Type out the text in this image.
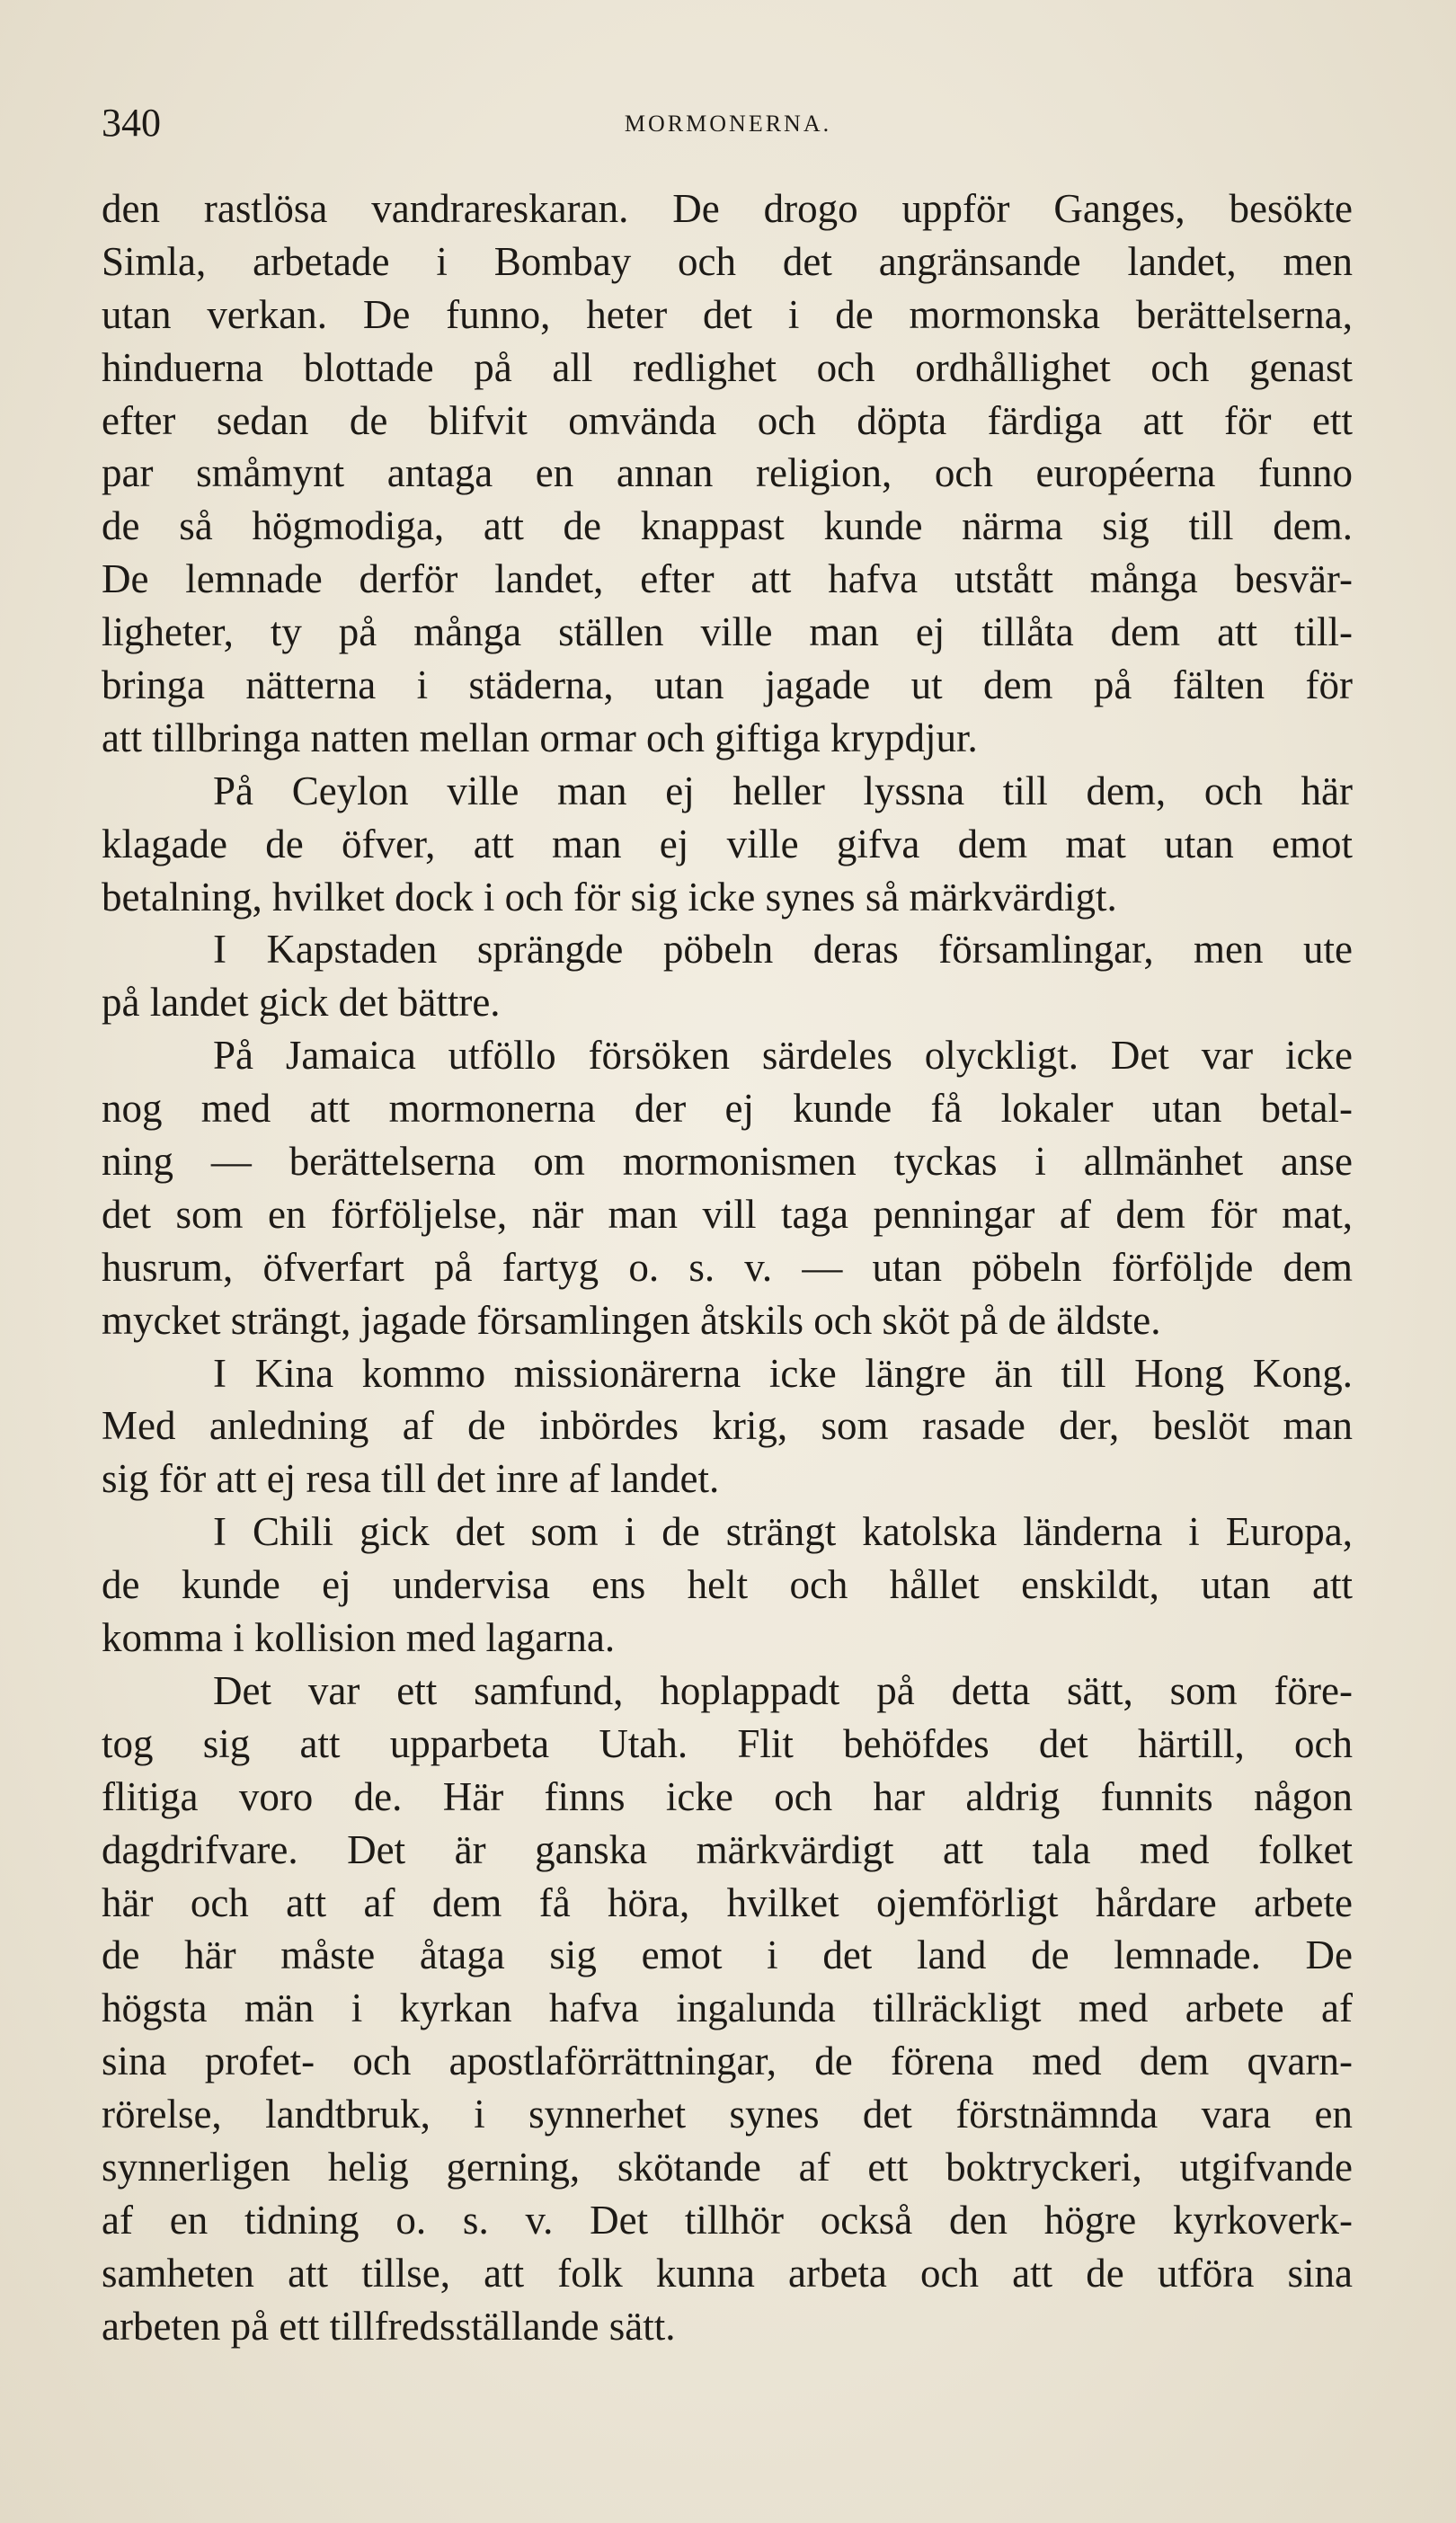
340	MORMONERNA.
den rastlösa vandrareskaran. De drogo uppför Ganges, besökte
Simla, arbetade i Bombay och det angränsande landet, men
utan verkan. De funno, heter det i de mormonska berättelserna,
hinduerna blottade på all redlighet och ordhållighet och genast
efter sedan de blifvit omvända och döpta färdiga att för ett
par småmynt antaga en annan religion, och européerna funno
de så högmodiga, att de knappast kunde närma sig till dem.
De lemnade derför landet, efter att hafva utstått många besvär-
ligheter, ty på många ställen ville man ej tillåta dem att till-
bringa nätterna i städerna, utan jagade ut dem på fälten för
att tillbringa natten mellan ormar och giftiga krypdjur.
På Ceylon ville man ej heller lyssna till dem, och här
klagade de öfver, att man ej ville gifva dem mat utan emot
betalning, hvilket dock i och för sig icke synes så märkvärdigt.
I Kapstaden sprängde pöbeln deras församlingar, men ute
på landet gick det bättre.
På Jamaica utföllo försöken särdeles olyckligt. Det var icke
nog med att mormonerna der ej kunde få lokaler utan betal-
ning — berättelserna om mormonismen tyckas i allmänhet anse
det som en förföljelse, när man vill taga penningar af dem för mat,
husrum, öfverfart på fartyg o. s. v. — utan pöbeln förföljde dem
mycket strängt, jagade församlingen åtskils och sköt på de äldste.
I Kina kommo missionärerna icke längre än till Hong Kong.
Med anledning af de inbördes krig, som rasade der, beslöt man
sig för att ej resa till det inre af landet.
I Chili gick det som i de strängt katolska länderna i Europa,
de kunde ej undervisa ens helt och hållet enskildt, utan att
komma i kollision med lagarna.
Det var ett samfund, hoplappadt på detta sätt, som före-
tog sig att upparbeta Utah. Flit behöfdes det härtill, och
flitiga voro de. Här finns icke och har aldrig funnits någon
dagdrifvare. Det är ganska märkvärdigt att tala med folket
här och att af dem få höra, hvilket ojemförligt hårdare arbete
de här måste åtaga sig emot i det land de lemnade. De
högsta män i kyrkan hafva ingalunda tillräckligt med arbete af
sina profet- och apostlaförrättningar, de förena med dem qvarn-
rörelse, landtbruk, i synnerhet synes det förstnämnda vara en
synnerligen helig gerning, skötande af ett boktryckeri, utgifvande
af en tidning o. s. v. Det tillhör också den högre kyrkoverk-
samheten att tillse, att folk kunna arbeta och att de utföra sina
arbeten på ett tillfredsställande sätt.
